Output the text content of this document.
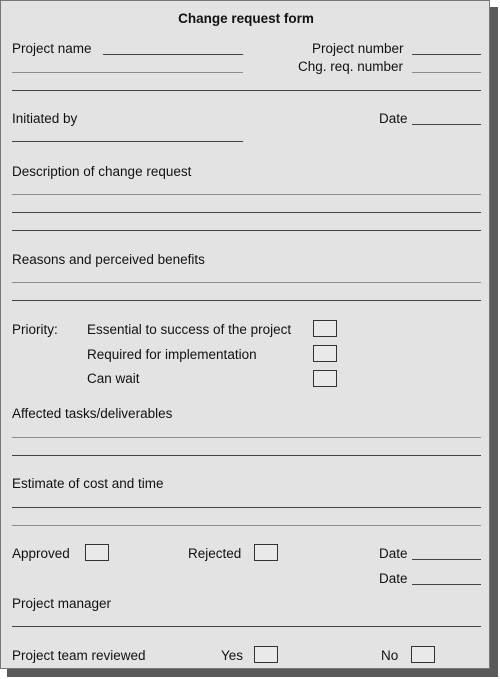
Change request form
Project name	Project number
Chg. req. number
Initiated by	Date
Description of change request
Reasons and perceived benefits
Priority: Essential to success of the project
Required for implementation
Can wait
Affected tasks/deliverables
Estimate of cost and time
Approved	Rejected	Date
Date
Project manager
Project team reviewed	Yes	No
